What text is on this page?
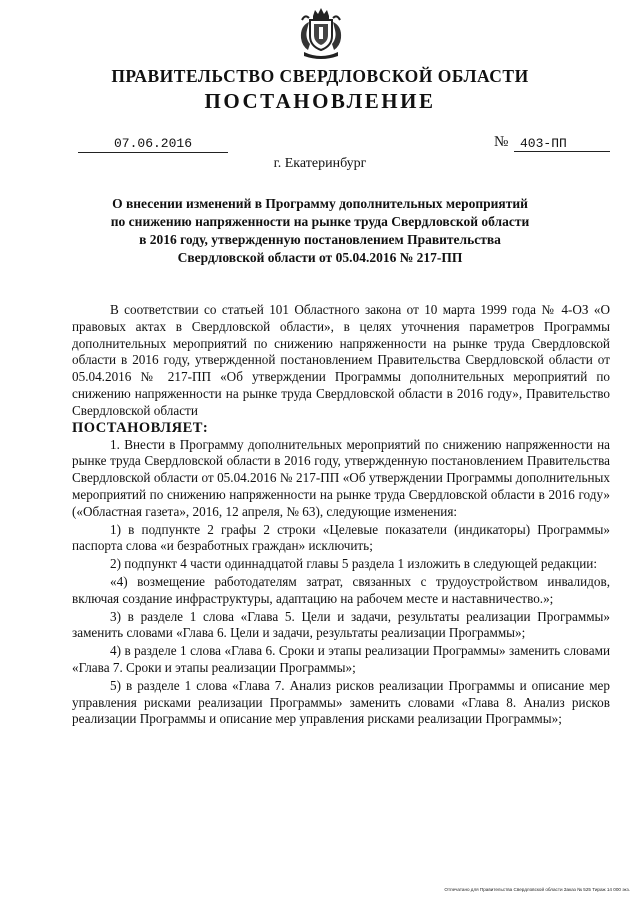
ПРАВИТЕЛЬСТВО СВЕРДЛОВСКОЙ ОБЛАСТИ
ПОСТАНОВЛЕНИЕ
07.06.2016	№ 403-ПП
г. Екатеринбург
О внесении изменений в Программу дополнительных мероприятий
по снижению напряженности на рынке труда Свердловской области
в 2016 году, утвержденную постановлением Правительства
Свердловской области от 05.04.2016 № 217-ПП

В соответствии со статьей 101 Областного закона от 10 марта 1999 года № 4-ОЗ «О правовых актах в Свердловской области», в целях уточнения параметров Программы дополнительных мероприятий по снижению напряженности на рынке труда Свердловской области в 2016 году, утвержденной постановлением Правительства Свердловской области от 05.04.2016 № 217-ПП «Об утверждении Программы дополнительных мероприятий по снижению напряженности на рынке труда Свердловской области в 2016 году», Правительство Свердловской области

ПОСТАНОВЛЯЕТ:

1. Внести в Программу дополнительных мероприятий по снижению напряженности на рынке труда Свердловской области в 2016 году, утвержденную постановлением Правительства Свердловской области от 05.04.2016 № 217-ПП «Об утверждении Программы дополнительных мероприятий по снижению напряженности на рынке труда Свердловской области в 2016 году» («Областная газета», 2016, 12 апреля, № 63), следующие изменения:

1) в подпункте 2 графы 2 строки «Целевые показатели (индикаторы) Программы» паспорта слова «и безработных граждан» исключить;

2) подпункт 4 части одиннадцатой главы 5 раздела 1 изложить в следующей редакции:

«4) возмещение работодателям затрат, связанных с трудоустройством инвалидов, включая создание инфраструктуры, адаптацию на рабочем месте и наставничество.»;

3) в разделе 1 слова «Глава 5. Цели и задачи, результаты реализации Программы» заменить словами «Глава 6. Цели и задачи, результаты реализации Программы»;

4) в разделе 1 слова «Глава 6. Сроки и этапы реализации Программы» заменить словами «Глава 7. Сроки и этапы реализации Программы»;

5) в разделе 1 слова «Глава 7. Анализ рисков реализации Программы и описание мер управления рисками реализации Программы» заменить словами «Глава 8. Анализ рисков реализации Программы и описание мер управления рисками реализации Программы»;

Отпечатано для Правительства Свердловской области Заказ № 525 Тираж 14 000 экз.
